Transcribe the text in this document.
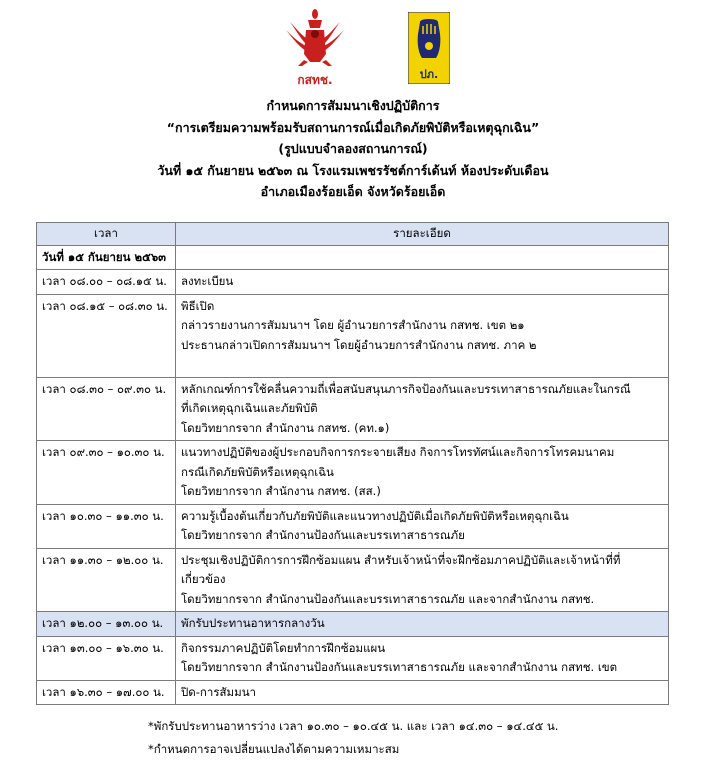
กสทช.	ปภ.
กำหนดการสัมมนาเชิงปฏิบัติการ
“การเตรียมความพร้อมรับสถานการณ์เมื่อเกิดภัยพิบัติหรือเหตุฉุกเฉิน”
(รูปแบบจำลองสถานการณ์)
วันที่ ๑๕ กันยายน ๒๕๖๓ ณ โรงแรมเพชรรัชต์การ์เด้นท์ ห้องประดับเดือน
อำเภอเมืองร้อยเอ็ด จังหวัดร้อยเอ็ด
เวลา	รายละเอียด
วันที่ ๑๕ กันยายน ๒๕๖๓	
เวลา ๐๘.๐๐ – ๐๘.๑๕ น.	ลงทะเบียน

เวลา ๐๘.๑๕ – ๐๘.๓๐ น.	พิธีเปิด
กล่าวรายงานการสัมมนาฯ โดย ผู้อำนวยการสำนักงาน กสทช. เขต ๒๑
ประธานกล่าวเปิดการสัมมนาฯ โดยผู้อำนวยการสำนักงาน กสทช. ภาค ๒

เวลา ๐๘.๓๐ – ๐๙.๓๐ น.	หลักเกณฑ์การใช้คลื่นความถี่เพื่อสนับสนุนภารกิจป้องกันและบรรเทาสาธารณภัยและในกรณี
ที่เกิดเหตุฉุกเฉินและภัยพิบัติ
โดยวิทยากรจาก สำนักงาน กสทช. (คท.๑)

เวลา ๐๙.๓๐ – ๑๐.๓๐ น.	แนวทางปฏิบัติของผู้ประกอบกิจการกระจายเสียง กิจการโทรทัศน์และกิจการโทรคมนาคม
กรณีเกิดภัยพิบัติหรือเหตุฉุกเฉิน
โดยวิทยากรจาก สำนักงาน กสทช. (สส.)

เวลา ๑๐.๓๐ – ๑๑.๓๐ น.	ความรู้เบื้องต้นเกี่ยวกับภัยพิบัติและแนวทางปฏิบัติเมื่อเกิดภัยพิบัติหรือเหตุฉุกเฉิน
โดยวิทยากรจาก สำนักงานป้องกันและบรรเทาสาธารณภัย

เวลา ๑๑.๓๐ – ๑๒.๐๐ น.	ประชุมเชิงปฏิบัติการการฝึกซ้อมแผน สำหรับเจ้าหน้าที่จะฝึกซ้อมภาคปฏิบัติและเจ้าหน้าที่ที่
เกี่ยวข้อง
โดยวิทยากรจาก สำนักงานป้องกันและบรรเทาสาธารณภัย และจากสำนักงาน กสทช.

เวลา ๑๒.๐๐ – ๑๓.๐๐ น.	พักรับประทานอาหารกลางวัน

เวลา ๑๓.๐๐ – ๑๖.๓๐ น.	กิจกรรมภาคปฏิบัติโดยทำการฝึกซ้อมแผน
โดยวิทยากรจาก สำนักงานป้องกันและบรรเทาสาธารณภัย และจากสำนักงาน กสทช. เขต

เวลา ๑๖.๓๐ – ๑๗.๐๐ น.	ปิด-การสัมมนา
*พักรับประทานอาหารว่าง เวลา ๑๐.๓๐ – ๑๐.๔๕ น. และ เวลา ๑๔.๓๐ – ๑๔.๔๕ น.
*กำหนดการอาจเปลี่ยนแปลงได้ตามความเหมาะสม
